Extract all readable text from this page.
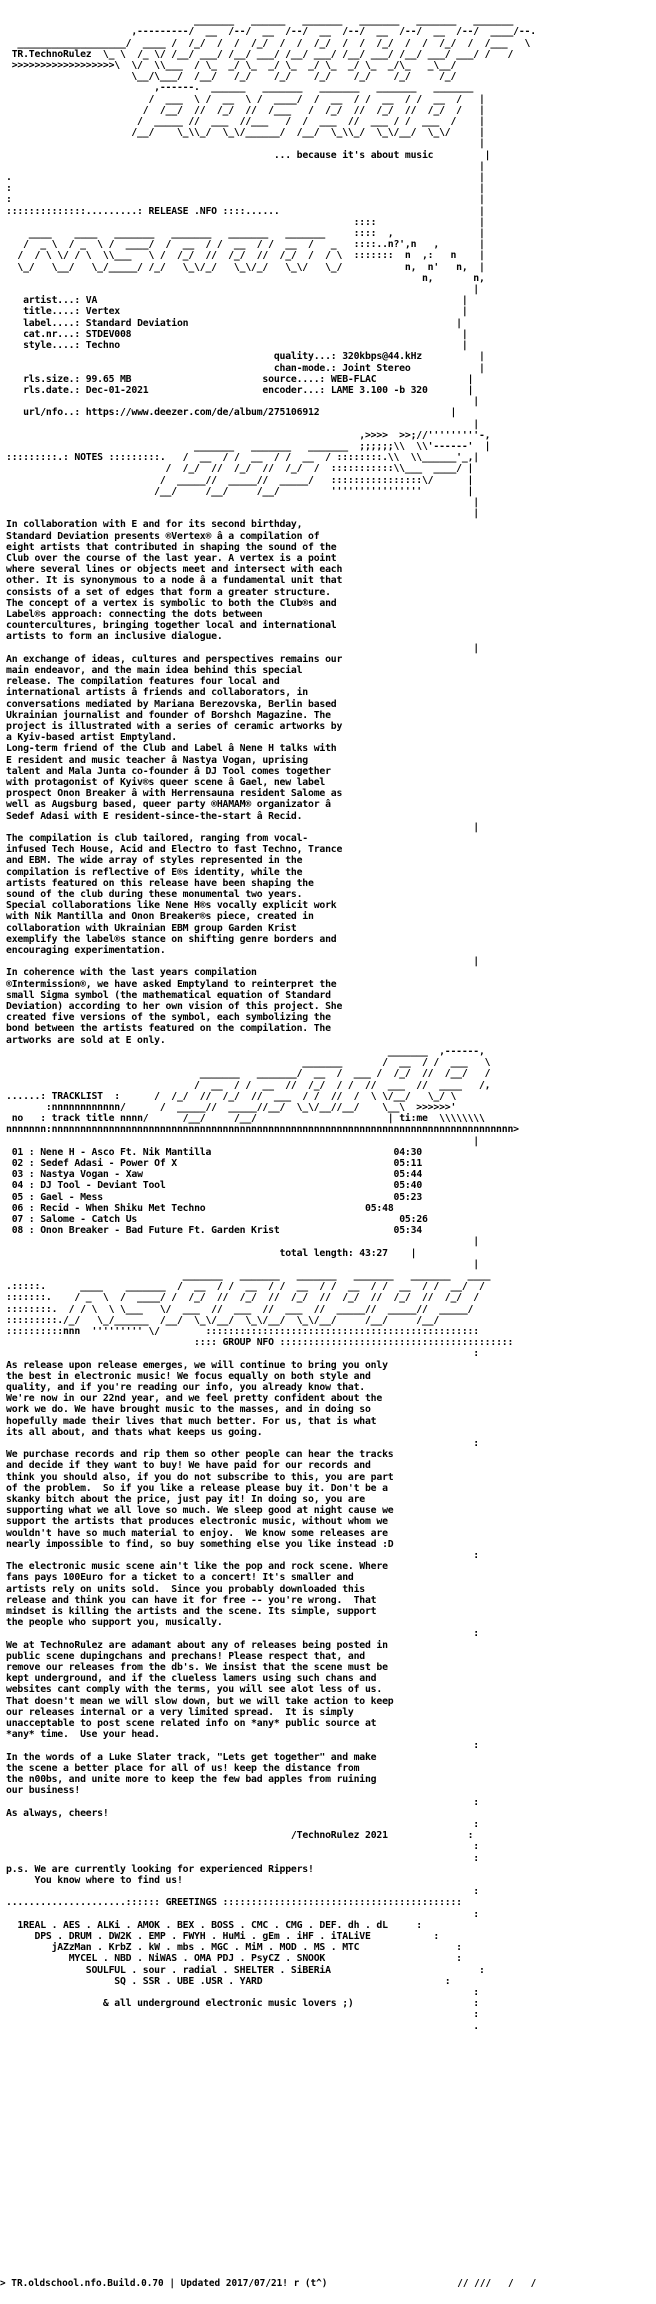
_______   ______   _______   _______   _______   _______
,---------/  __  /--/  __  /--/  __  /--/  __  /--/  __  /--/  ____/--.
___________________/  ____ /  /_/  /  /  /_/  /  /  /_/  /  /  /_/  /  /  /_/  /  /___   \
TR.TechnoRulez  \_ \  /_ \/ /__/ ___/ /__/ ___/ /__/ ___/ /__/ ___/ /__/ ___/ ___/ /   /
>>>>>>>>>>>>>>>>>>\  \/  \\___  / \_  _/ \_  _/ \_  _/ \_  _/ \_  _/\_   _\__/
\__/\___/  /__/   /_/    /_/    /_/    /_/    /_/     /_/
,------.  ______   _______   _______   _______   _______
/  ___  \ /  __  \ /  ____/  /  __  / /  __  / /  __  /   |
/  /__/  //  /_/  //  /___   /  /_/  //  /_/  //  /_/  /   |
/  _____ //  ___  //___   /  /  ___  //  ___ / /  ___  /    |
/__/    \_\\_/  \_\/______/  /__/  \_\\_/  \_\/__/  \_\/     |
|
... because it's about music	|
|
.                                                                                  |
:                                                                                  |
:                                                                                  |
::::::::::::::.........: RELEASE .NFO ::::......                                   |
::::                  |
____    ____   _______   _______   _______   _______     ::::  ,               |
/  _ \  / _  \ /  ____/  /  __  / /  __  / /  __  /   _   ::::..n?',n   ,       |
/  / \ \/ / \  \\___   \ /  /_/  //  /_/  //  /_/  /  / \  :::::::  n  ,:   n    |
\_/   \__/   \_/_____/ /_/   \_\/_/   \_\/_/   \_\/   \_/           n,  n'   n,  |
n,       n,
|
artist...: VA	|
title....: Vertex	|
label....: Standard Deviation	|
cat.nr...: STDEV008	|
style....: Techno	|
quality...: 320kbps@44.kHz	|
chan-mode.: Joint Stereo	|
rls.size.: 99.65 MB                       source....: WEB-FLAC	|
rls.date.: Dec-01-2021                    encoder...: LAME 3.100 -b 320	|
|
url/nfo..: https://www.deezer.com/de/album/275106912	|
|
,>>>>  >>;//'''''''''-,
_______   _______   _______  ;;;;;;\\  \\'------'  |
:::::::::.: NOTES :::::::::.   /  __  / /  __  / /  __  / ::::::::.\\  \\______'_,|
/  /_/  //  /_/  //  /_/  /  :::::::::::\\___  ____/ |
/  _____//  _____//  _____/   ::::::::::::::::\/      |
/__/     /__/     /__/         ''''''''''''''''        |
|
|
In collaboration with E and for its second birthday,
Standard Deviation presents ®Vertex® â a compilation of
eight artists that contributed in shaping the sound of the
Club over the course of the last year. A vertex is a point
where several lines or objects meet and intersect with each
other. It is synonymous to a node â a fundamental unit that
consists of a set of edges that form a greater structure.
The concept of a vertex is symbolic to both the Club®s and
Label®s approach: connecting the dots between
countercultures, bringing together local and international
artists to form an inclusive dialogue.
|
An exchange of ideas, cultures and perspectives remains our
main endeavor, and the main idea behind this special
release. The compilation features four local and
international artists â friends and collaborators, in
conversations mediated by Mariana Berezovska, Berlin based
Ukrainian journalist and founder of Borshch Magazine. The
project is illustrated with a series of ceramic artworks by
a Kyiv-based artist Emptyland.
Long-term friend of the Club and Label â Nene H talks with
E resident and music teacher â Nastya Vogan, uprising
talent and Mala Junta co-founder â DJ Tool comes together
with protagonist of Kyiv®s queer scene â Gael, new label
prospect Onon Breaker â with Herrensauna resident Salome as
well as Augsburg based, queer party ®HAMAM® organizator â
Sedef Adasi with E resident-since-the-start â Recid.
|
The compilation is club tailored, ranging from vocal-
infused Tech House, Acid and Electro to fast Techno, Trance
and EBM. The wide array of styles represented in the
compilation is reflective of E®s identity, while the
artists featured on this release have been shaping the
sound of the club during these monumental two years.
Special collaborations like Nene H®s vocally explicit work
with Nik Mantilla and Onon Breaker®s piece, created in
collaboration with Ukrainian EBM group Garden Krist
exemplify the label®s stance on shifting genre borders and
encouraging experimentation.
|
In coherence with the last years compilation
®Intermission®, we have asked Emptyland to reinterpret the
small Sigma symbol (the mathematical equation of Standard
Deviation) according to her own vision of this project. She
created five versions of the symbol, each symbolizing the
bond between the artists featured on the compilation. The
artworks are sold at E only.
_______  ,------,
_______       /  __  / /  ___   \
_______   _______/  __  /  ___ /  /_/  //  /__/   /
/  __  / /  __  //  /_/  / /  //  ___  //  ____   /,
......: TRACKLIST  :      /  /_/  //  /_/  //  ___  / /  //  /  \ \/__/   \_/ \
:nnnnnnnnnnnn/      /  _____//  _____//__/  \_\/__//__/    \__\  >>>>>>'
no   : track title nnnn/      /__/     /__/                       | ti:me  \\\\\\\\
nnnnnnn:nnnnnnnnnnnnnnnnnnnnnnnnnnnnnnnnnnnnnnnnnnnnnnnnnnnnnnnnnnnnnnnnnnnnnnnnnnnnnnnnn>
|
01 : Nene H - Asco Ft. Nik Mantilla	04:30
02 : Sedef Adasi - Power Of X	05:11
03 : Nastya Vogan - Xaw	05:44
04 : DJ Tool - Deviant Tool	05:40
05 : Gael - Mess	05:23
06 : Recid - When Shiku Met Techno	05:48
07 : Salome - Catch Us	05:26
08 : Onon Breaker - Bad Future Ft. Garden Krist	05:34
|
total length: 43:27    |
|
_______   _______   _______   _______   _______   ____
.:::::.      ____    _______  /  __  / /  __  / /  __  / /  __  / /  __  / /  __/  /
:::::::.    / _  \  /  ____/ /  /_/  //  /_/  //  /_/  //  /_/  //  /_/  //  /_/  /
::::::::.  / / \  \ \___   \/  ___  //  ___  //  ___  //  _____//  _____//  _____/
:::::::::./_/   \_/______  /__/  \_\/__/  \_\/__/  \_\/__/     /__/     /__/
::::::::::nnn  ''''''''' \/        ::::::::::::::::::::::::::::::::::::::::::::::::
:::: GROUP NFO :::::::::::::::::::::::::::::::::::::::::
:
As release upon release emerges, we will continue to bring you only
the best in electronic music! We focus equally on both style and
quality, and if you're reading our info, you already know that.
We're now in our 22nd year, and we feel pretty confident about the
work we do. We have brought music to the masses, and in doing so
hopefully made their lives that much better. For us, that is what
its all about, and thats what keeps us going.
:
We purchase records and rip them so other people can hear the tracks
and decide if they want to buy! We have paid for our records and
think you should also, if you do not subscribe to this, you are part
of the problem.  So if you like a release please buy it. Don't be a
skanky bitch about the price, just pay it! In doing so, you are
supporting what we all love so much. We sleep good at night cause we
support the artists that produces electronic music, without whom we
wouldn't have so much material to enjoy.  We know some releases are
nearly impossible to find, so buy something else you like instead :D
:
The electronic music scene ain't like the pop and rock scene. Where
fans pays 100Euro for a ticket to a concert! It's smaller and
artists rely on units sold.  Since you probably downloaded this
release and think you can have it for free -- you're wrong.  That
mindset is killing the artists and the scene. Its simple, support
the people who support you, musically.
:
We at TechnoRulez are adamant about any of releases being posted in
public scene dupingchans and prechans! Please respect that, and
remove our releases from the db's. We insist that the scene must be
kept underground, and if the clueless lamers using such chans and
websites cant comply with the terms, you will see alot less of us.
That doesn't mean we will slow down, but we will take action to keep
our releases internal or a very limited spread.  It is simply
unacceptable to post scene related info on *any* public source at
*any* time.  Use your head.
:
In the words of a Luke Slater track, "Lets get together" and make
the scene a better place for all of us! keep the distance from
the n00bs, and unite more to keep the few bad apples from ruining
our business!
:
As always, cheers!
:
/TechnoRulez 2021	:
:
:
p.s. We are currently looking for experienced Rippers!
You know where to find us!
:
.....................:::::: GREETINGS ::::::::::::::::::::::::::::::::::::::::::
:
1REAL . AES . ALKi . AMOK . BEX . BOSS . CMC . CMG . DEF. dh . dL	:
DPS . DRUM . DW2K . EMP . FWYH . HuMi . gEm . iHF . iTALiVE	:
jAZzMan . KrbZ . kW . mbs . MGC . MiM . MOD . MS . MTC	:
MYCEL . NBD . NiWAS . OMA PDJ . PsyCZ . SNOOK	:
SOULFUL . sour . radial . SHELTER . SiBERiA	:
SQ . SSR . UBE .USR . YARD	:
:
& all underground electronic music lovers ;)	:
:
.

> TR.oldschool.nfo.Build.0.70 | Updated 2017/07/21! r (t^)                       // ///   /   /
